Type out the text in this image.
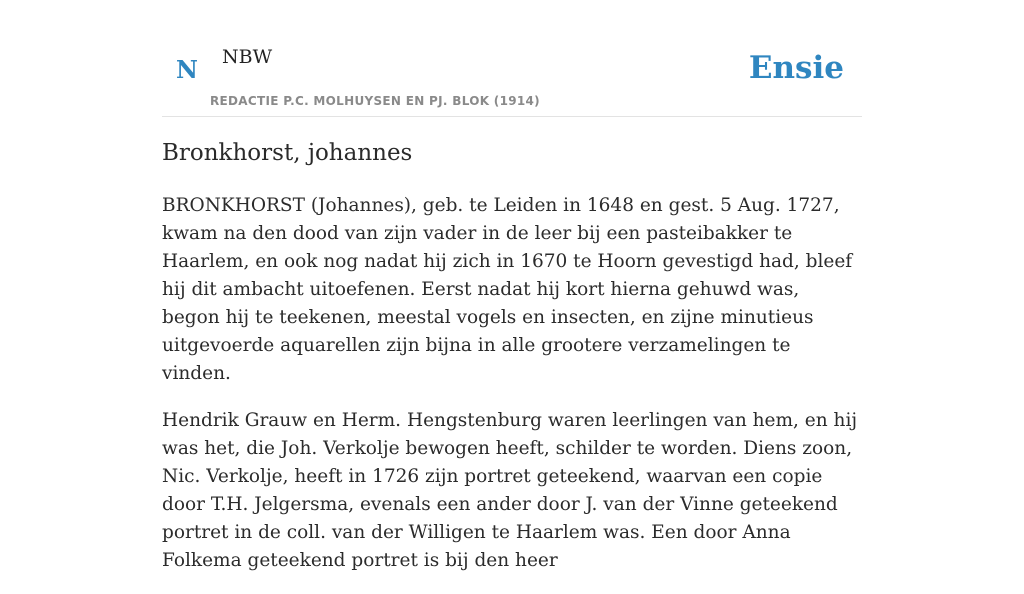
N NBW
REDACTIE P.C. MOLHUYSEN EN PJ. BLOK (1914)
Ensie
Bronkhorst, johannes

BRONKHORST (Johannes), geb. te Leiden in 1648 en gest. 5 Aug. 1727, kwam na den dood van zijn vader in de leer bij een pasteibakker te Haarlem, en ook nog nadat hij zich in 1670 te Hoorn gevestigd had, bleef hij dit ambacht uitoefenen. Eerst nadat hij kort hierna gehuwd was, begon hij te teekenen, meestal vogels en insecten, en zijne minutieus uitgevoerde aquarellen zijn bijna in alle grootere verzamelingen te vinden.

Hendrik Grauw en Herm. Hengstenburg waren leerlingen van hem, en hij was het, die Joh. Verkolje bewogen heeft, schilder te worden. Diens zoon, Nic. Verkolje, heeft in 1726 zijn portret geteekend, waarvan een copie door T.H. Jelgersma, evenals een ander door J. van der Vinne geteekend portret in de coll. van der Willigen te Haarlem was. Een door Anna Folkema geteekend portret is bij den heer
